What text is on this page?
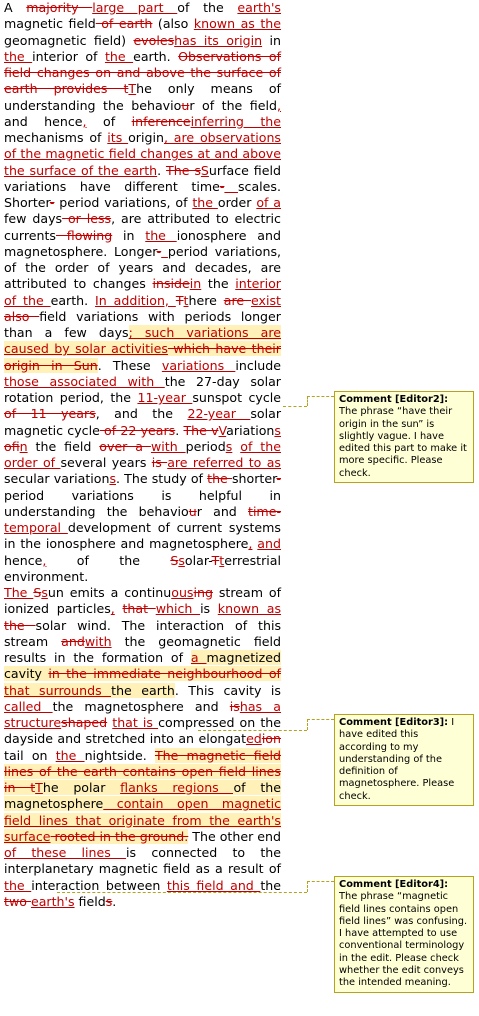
A majority large part of the earth's magnetic field of earth (also known as the geomagnetic field) evoleshas its origin in the interior of the earth. Observations of field changes on and above the surface of earth provides tThe only means of understanding the behaviour of the field, and hence, of inferenceinferring the mechanisms of its origin, are observations of the magnetic field changes at and above the surface of the earth. The sSurface field variations have different time- scales. Shorter- period variations, of the order of a few days or less, are attributed to electric currents flowing in the ionosphere and magnetosphere. Longer- period variations, of the order of years and decades, are attributed to changes insidein the interior of the earth. In addition, Tthere are exist also field variations with periods longer than a few days; such variations are caused by solar activities which have their origin in Sun. These variations include those associated with the 27-day solar rotation period, the 11-year sunspot cycle of 11 years, and the 22-year solar magnetic cycle of 22 years. The vVariations ofin the field over a with periods of the order of several years is are referred to as secular variations. The study of the shorter- period variations is helpful in understanding the behaviour and time-temporal development of current systems in the ionosphere and magnetosphere, and hence, of the Ssolar-Tterrestrial environment.

The Ssun emits a continuousing stream of ionized particles, that which is known as the solar wind. The interaction of this stream andwith the geomagnetic field results in the formation of a magnetized cavity in the immediate neighbourhood of that surrounds the earth. This cavity is called the magnetosphere and ishas a structureshaped that is compressed on the dayside and stretched into an elongatedion tail on the nightside. The magnetic field lines of the earth contains open field lines in tThe polar flanks regions of the magnetosphere contain open magnetic field lines that originate from the earth's surface rooted in the ground. The other end of these lines is connected to the interplanetary magnetic field as a result of the interaction between this field and the two earth's fields.

Comment [Editor2]: The phrase “have their origin in the sun” is slightly vague. I have edited this part to make it more specific. Please check.
Comment [Editor3]: I have edited this according to my understanding of the definition of magnetosphere. Please check.
Comment [Editor4]: The phrase “magnetic field lines contains open field lines” was confusing. I have attempted to use conventional terminology in the edit. Please check whether the edit conveys the intended meaning.
